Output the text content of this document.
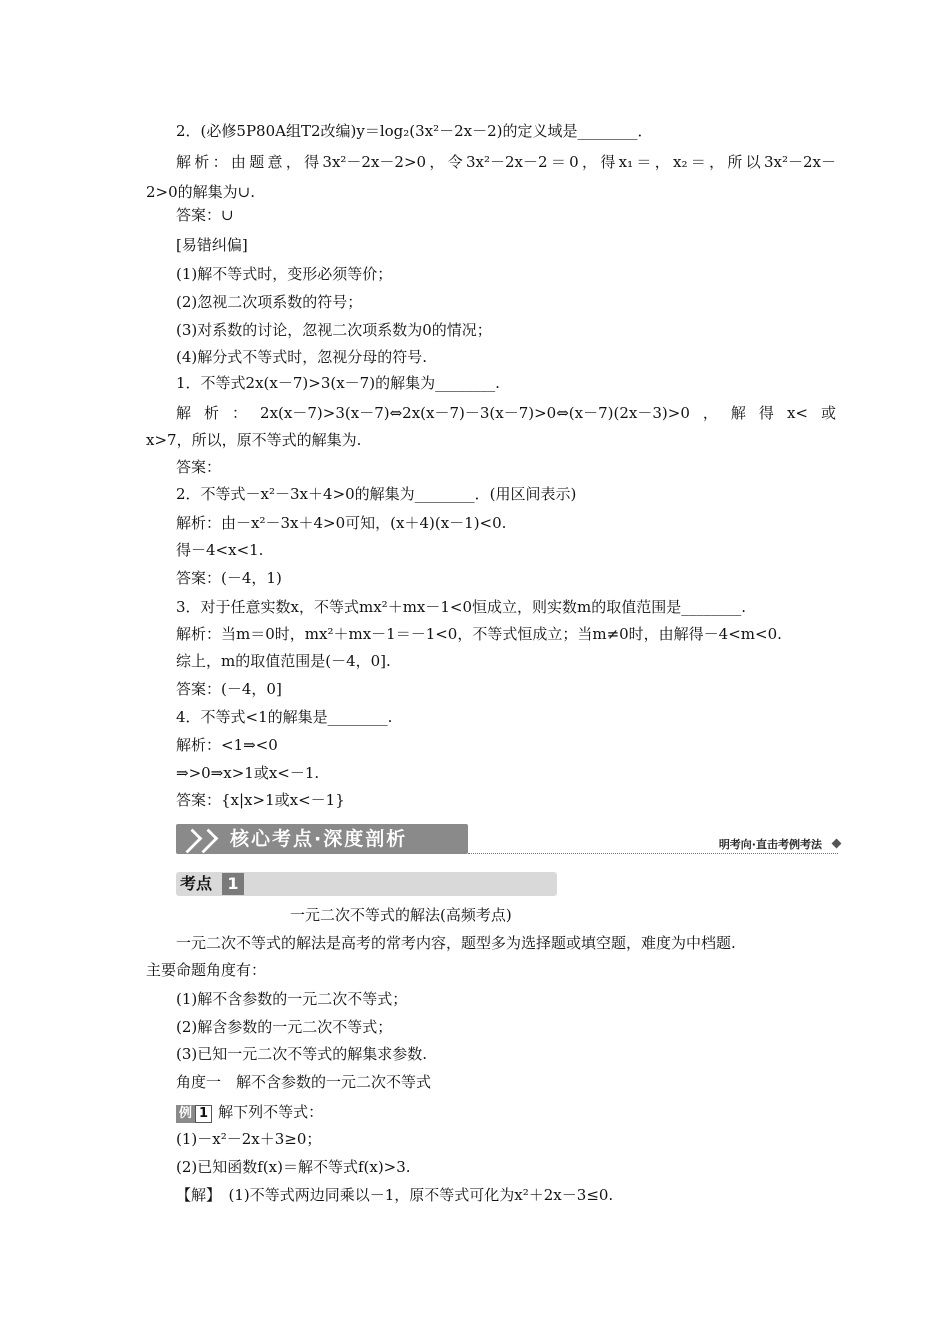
2．(必修5P80A组T2改编)y＝log₂(3x²－2x－2)的定义域是________．
解析：由题意，得3x²－2x－2>0，令3x²－2x－2＝0，得x₁＝，x₂＝，所以3x²－2x－
2>0的解集为∪.
答案：∪
[易错纠偏]
(1)解不等式时，变形必须等价；
(2)忽视二次项系数的符号；
(3)对系数的讨论，忽视二次项系数为0的情况；
(4)解分式不等式时，忽视分母的符号.
1．不等式2x(x－7)>3(x－7)的解集为________.
解析：2x(x－7)>3(x－7)⇔2x(x－7)－3(x－7)>0⇔(x－7)(2x－3)>0，解得x<或
x>7，所以，原不等式的解集为.
答案：
2．不等式－x²－3x＋4>0的解集为________．(用区间表示)
解析：由－x²－3x＋4>0可知，(x＋4)(x－1)<0.
得－4<x<1.
答案：(－4，1)
3．对于任意实数x，不等式mx²＋mx－1<0恒成立，则实数m的取值范围是________.
解析：当m＝0时，mx²＋mx－1＝－1<0，不等式恒成立；当m≠0时，由解得－4<m<0.
综上，m的取值范围是(－4，0].
答案：(－4，0]
4．不等式<1的解集是________.
解析：<1⇒<0
⇒>0⇒x>1或x<－1.
答案：{x|x>1或x<－1}
核心考点·深度剖析	明考向·直击考例考法
考点 1
一元二次不等式的解法(高频考点)
一元二次不等式的解法是高考的常考内容，题型多为选择题或填空题，难度为中档题.
主要命题角度有：
(1)解不含参数的一元二次不等式；
(2)解含参数的一元二次不等式；
(3)已知一元二次不等式的解集求参数.
角度一　解不含参数的一元二次不等式
例 1 解下列不等式：
(1)－x²－2x＋3≥0；
(2)已知函数f(x)＝解不等式f(x)>3.
【解】　(1)不等式两边同乘以－1，原不等式可化为x²＋2x－3≤0.
